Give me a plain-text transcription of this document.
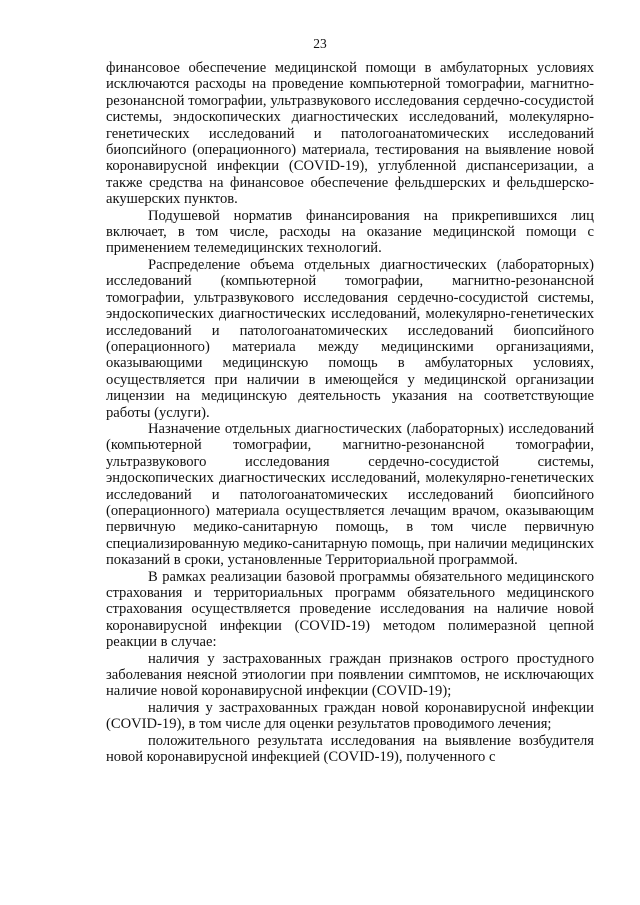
23

финансовое обеспечение медицинской помощи в амбулаторных условиях исключаются расходы на проведение компьютерной томографии, магнитно-резонансной томографии, ультразвукового исследования сердечно-сосудистой системы, эндоскопических диагностических исследований, молекулярно-генетических исследований и патологоанатомических исследований биопсийного (операционного) материала, тестирования на выявление новой коронавирусной инфекции (COVID-19), углубленной диспансеризации, а также средства на финансовое обеспечение фельдшерских и фельдшерско-акушерских пунктов.

Подушевой норматив финансирования на прикрепившихся лиц включает, в том числе, расходы на оказание медицинской помощи с применением телемедицинских технологий.

Распределение объема отдельных диагностических (лабораторных) исследований (компьютерной томографии, магнитно-резонансной томографии, ультразвукового исследования сердечно-сосудистой системы, эндоскопических диагностических исследований, молекулярно-генетических исследований и патологоанатомических исследований биопсийного (операционного) материала между медицинскими организациями, оказывающими медицинскую помощь в амбулаторных условиях, осуществляется при наличии в имеющейся у медицинской организации лицензии на медицинскую деятельность указания на соответствующие работы (услуги).

Назначение отдельных диагностических (лабораторных) исследований (компьютерной томографии, магнитно-резонансной томографии, ультразвукового исследования сердечно-сосудистой системы, эндоскопических диагностических исследований, молекулярно-генетических исследований и патологоанатомических исследований биопсийного (операционного) материала осуществляется лечащим врачом, оказывающим первичную медико-санитарную помощь, в том числе первичную специализированную медико-санитарную помощь, при наличии медицинских показаний в сроки, установленные Территориальной программой.

В рамках реализации базовой программы обязательного медицинского страхования и территориальных программ обязательного медицинского страхования осуществляется проведение исследования на наличие новой коронавирусной инфекции (COVID-19) методом полимеразной цепной реакции в случае:

наличия у застрахованных граждан признаков острого простудного заболевания неясной этиологии при появлении симптомов, не исключающих наличие новой коронавирусной инфекции (COVID-19);

наличия у застрахованных граждан новой коронавирусной инфекции (COVID-19), в том числе для оценки результатов проводимого лечения;

положительного результата исследования на выявление возбудителя новой коронавирусной инфекцией (COVID-19), полученного с
